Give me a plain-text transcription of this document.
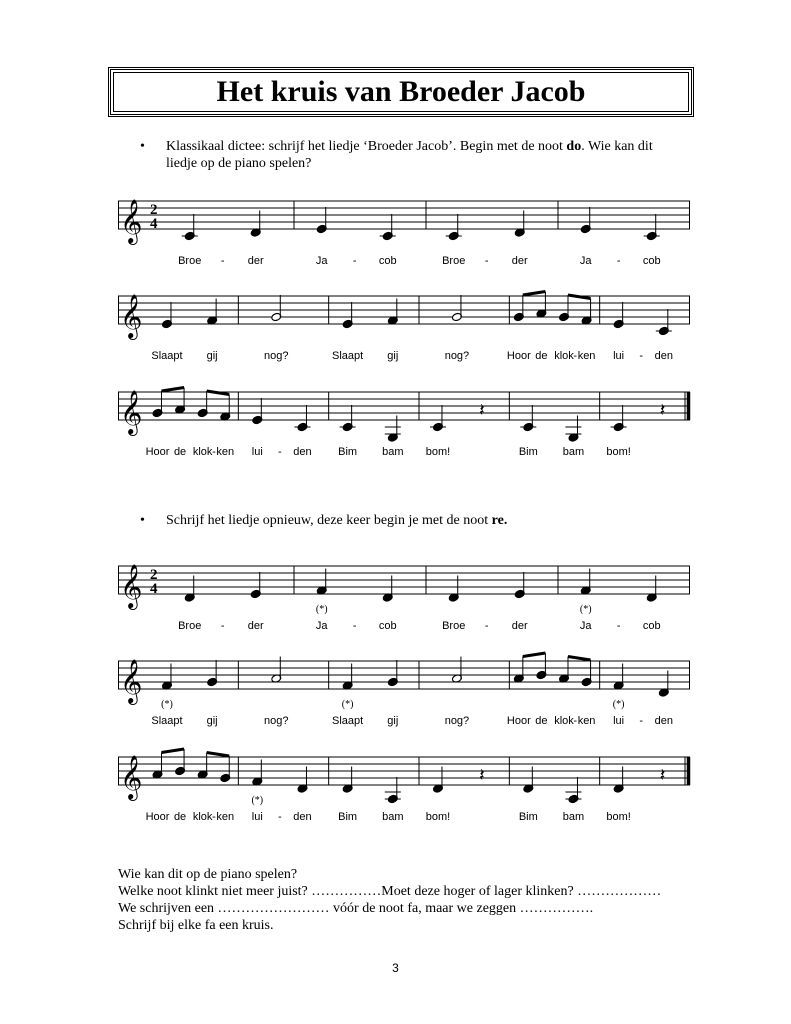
Het kruis van Broeder Jacob
• Klassikaal dictee: schrijf het liedje ‘Broeder Jacob’. Begin met de noot do. Wie kan dit liedje op de piano spelen?
𝄞 2
4
Broe - der	Ja - cob	Broe - der	Ja - cob
𝄞
Slaapt gij	nog?	Slaapt gij	nog?	Hoor de klok - ken lui - den
𝄞	𝄽	𝄽
Hoor de klok - ken lui - den Bim bam bom!	Bim bam bom!
• Schrijf het liedje opnieuw, deze keer begin je met de noot re.
𝄞 2
4
(*)	(*)
Broe - der	Ja - cob	Broe - der	Ja - cob
𝄞
(*)	(*)	(*)
Slaapt gij	nog?	Slaapt gij	nog?	Hoor de klok - ken lui - den
𝄞	𝄽	𝄽
(*)
Hoor de klok - ken lui - den Bim bam bom!	Bim bam bom!
Wie kan dit op de piano spelen?
Welke noot klinkt niet meer juist? ……………Moet deze hoger of lager klinken? ………………
We schrijven een …………………… vóór de noot fa, maar we zeggen …………….
Schrijf bij elke fa een kruis.
3
